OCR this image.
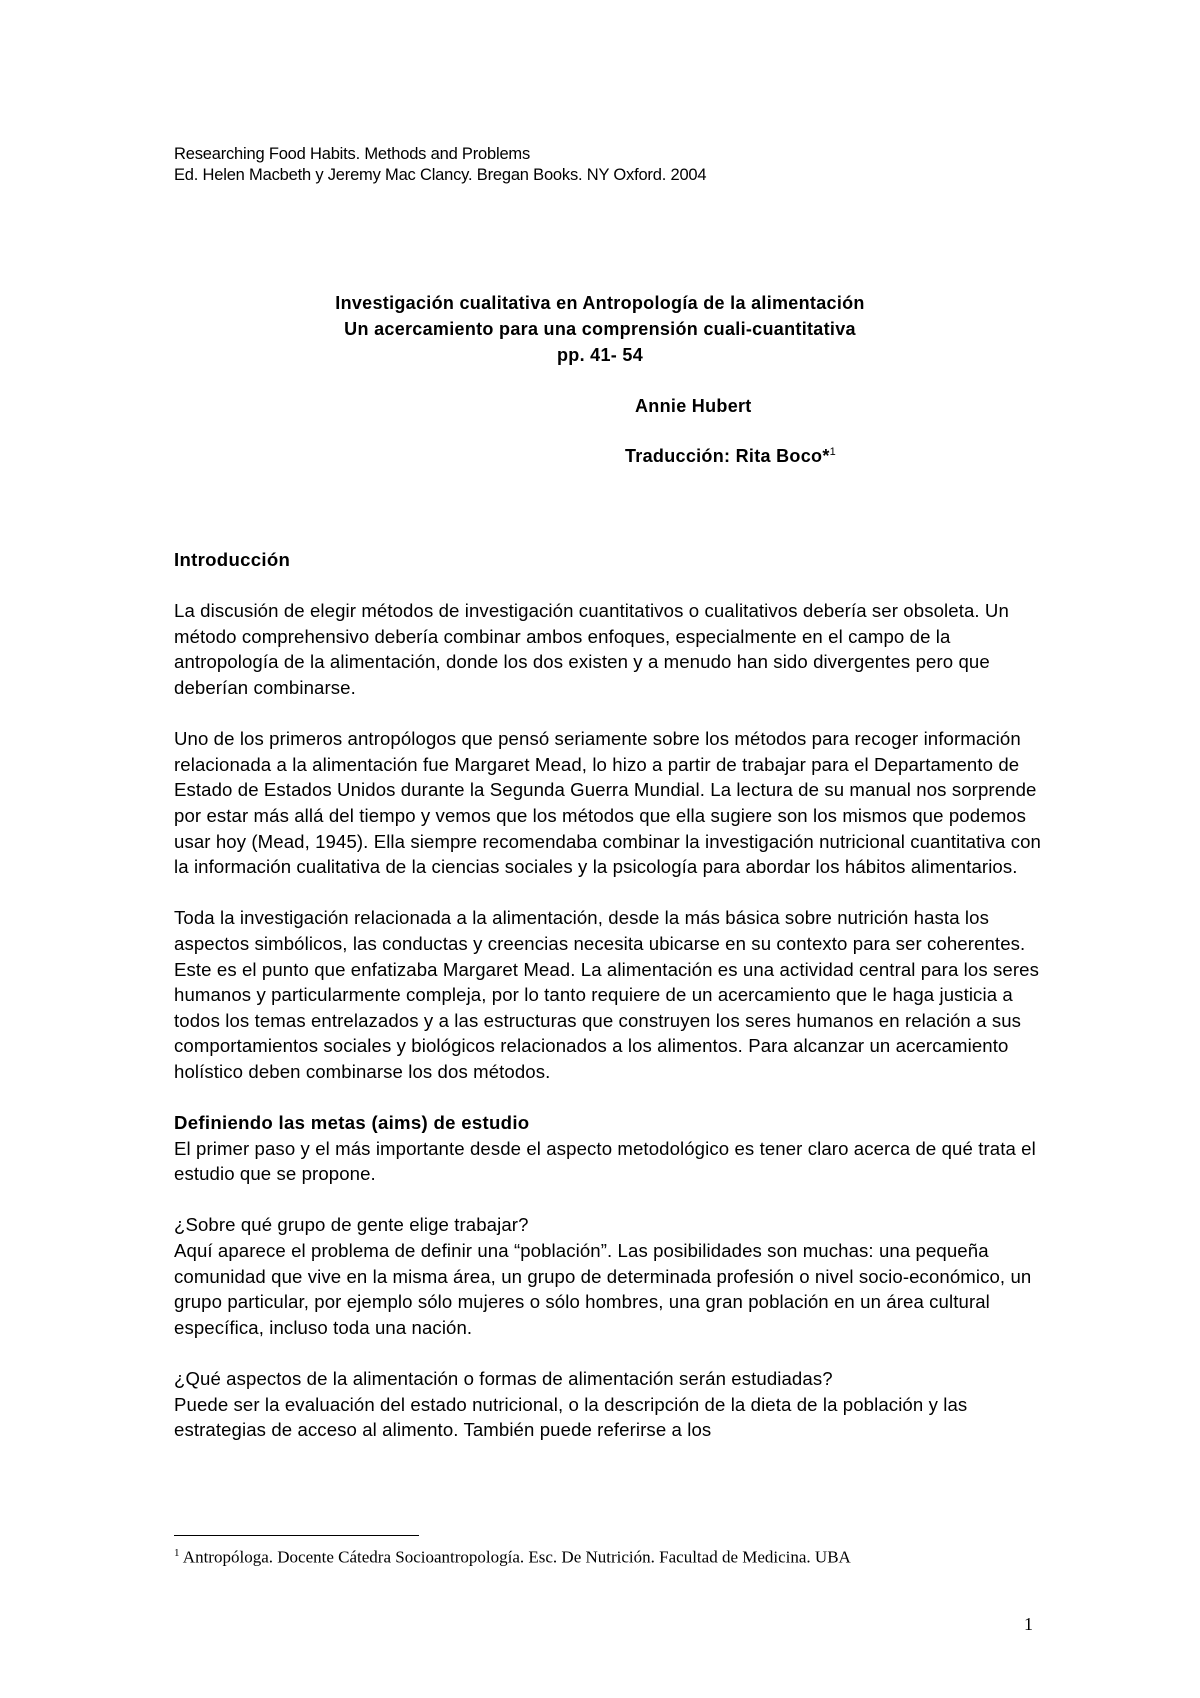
Researching Food Habits. Methods and Problems
Ed. Helen Macbeth y Jeremy Mac Clancy. Bregan Books. NY Oxford. 2004
Investigación cualitativa en Antropología de la alimentación
Un acercamiento para una comprensión cuali-cuantitativa
pp. 41- 54
Annie Hubert
Traducción: Rita Boco*$^1$

Introducción

La discusión de elegir métodos de investigación cuantitativos o cualitativos debería ser obsoleta. Un método comprehensivo debería combinar ambos enfoques, especialmente en el campo de la antropología de la alimentación, donde los dos existen y a menudo han sido divergentes pero que deberían combinarse.

Uno de los primeros antropólogos que pensó seriamente sobre los métodos para recoger información relacionada a la alimentación fue Margaret Mead, lo hizo a partir de trabajar para el Departamento de Estado de Estados Unidos durante la Segunda Guerra Mundial. La lectura de su manual nos sorprende por estar más allá del tiempo y vemos que los métodos que ella sugiere son los mismos que podemos usar hoy (Mead, 1945). Ella siempre recomendaba combinar la investigación nutricional cuantitativa con la información cualitativa de la ciencias sociales y la psicología para abordar los hábitos alimentarios.

Toda la investigación relacionada a la alimentación, desde la más básica sobre nutrición hasta los aspectos simbólicos, las conductas y creencias necesita ubicarse en su contexto para ser coherentes. Este es el punto que enfatizaba Margaret Mead. La alimentación es una actividad central para los seres humanos y particularmente compleja, por lo tanto requiere de un acercamiento que le haga justicia a todos los temas entrelazados y a las estructuras que construyen los seres humanos en relación a sus comportamientos sociales y biológicos relacionados a los alimentos. Para alcanzar un acercamiento holístico deben combinarse los dos métodos.

Definiendo las metas (aims) de estudio

El primer paso y el más importante desde el aspecto metodológico es tener claro acerca de qué trata el estudio que se propone.

¿Sobre qué grupo de gente elige trabajar?

Aquí aparece el problema de definir una “población”. Las posibilidades son muchas: una pequeña comunidad que vive en la misma área, un grupo de determinada profesión o nivel socio-económico, un grupo particular, por ejemplo sólo mujeres o sólo hombres, una gran población en un área cultural específica, incluso toda una nación.

¿Qué aspectos de la alimentación o formas de alimentación serán estudiadas?

Puede ser la evaluación del estado nutricional, o la descripción de la dieta de la población y las estrategias de acceso al alimento. También puede referirse a los

$^1$ Antropóloga. Docente Cátedra Socioantropología. Esc. De Nutrición. Facultad de Medicina. UBA
1
